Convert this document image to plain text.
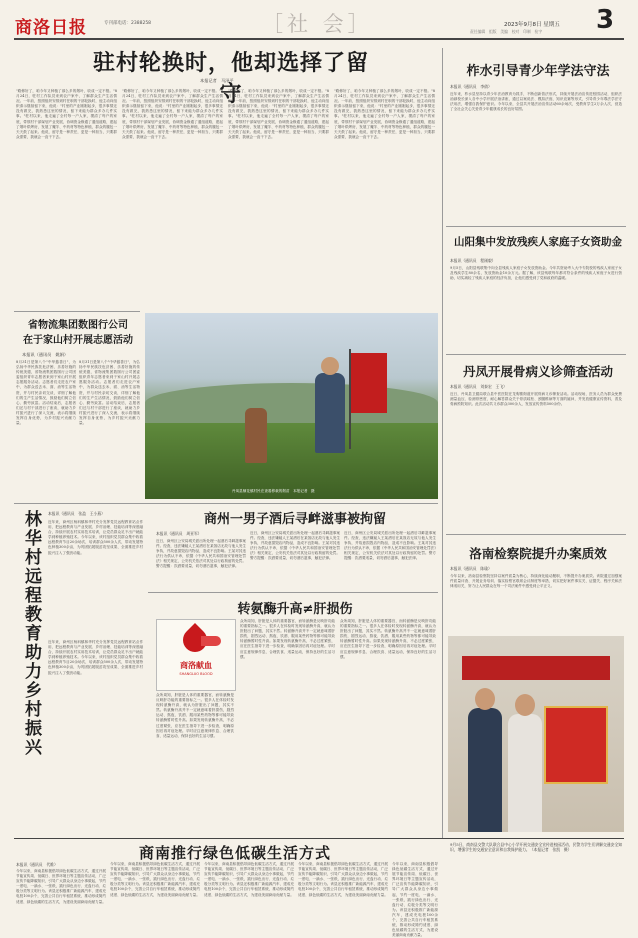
商洛日报	专刊部电话：2388258	［社 会］	2023年9月8日 星期五 3
责任编辑　组版　美编　校对　印制　检字
驻村轮换时，他却选择了留守
本报记者　马泽平
"路修好了，咱今年又种植了那么多的烟叶，收成一定不错。"8月24日，驻村工作队员来到农户家中，了解群众生产生活情况。一年前，按照组织安排到村任职的干部轮换时，他主动向组织请示继续留下来，他说："村里的产业刚刚起步，很多事情还没有做完，我熟悉这里的情况，留下来能为群众多办几件实事。"驻村以来，他走遍了全村每一户人家，摸清了每户的家底，带领村干部谋划产业发展，协调资金修通了通组道路，建起了烟叶烘烤房，发展了魔芋、中药材等特色种植，群众的腰包一天天鼓了起来。他说，留守是一种责任，更是一种担当，只要群众需要，我就会一直干下去。
"路修好了，咱今年又种植了那么多的烟叶，收成一定不错。"8月24日，驻村工作队员来到农户家中，了解群众生产生活情况。一年前，按照组织安排到村任职的干部轮换时，他主动向组织请示继续留下来，他说："村里的产业刚刚起步，很多事情还没有做完，我熟悉这里的情况，留下来能为群众多办几件实事。"驻村以来，他走遍了全村每一户人家，摸清了每户的家底，带领村干部谋划产业发展，协调资金修通了通组道路，建起了烟叶烘烤房，发展了魔芋、中药材等特色种植，群众的腰包一天天鼓了起来。他说，留守是一种责任，更是一种担当，只要群众需要，我就会一直干下去。
"路修好了，咱今年又种植了那么多的烟叶，收成一定不错。"8月24日，驻村工作队员来到农户家中，了解群众生产生活情况。一年前，按照组织安排到村任职的干部轮换时，他主动向组织请示继续留下来，他说："村里的产业刚刚起步，很多事情还没有做完，我熟悉这里的情况，留下来能为群众多办几件实事。"驻村以来，他走遍了全村每一户人家，摸清了每户的家底，带领村干部谋划产业发展，协调资金修通了通组道路，建起了烟叶烘烤房，发展了魔芋、中药材等特色种植，群众的腰包一天天鼓了起来。他说，留守是一种责任，更是一种担当，只要群众需要，我就会一直干下去。
"路修好了，咱今年又种植了那么多的烟叶，收成一定不错。"8月24日，驻村工作队员来到农户家中，了解群众生产生活情况。一年前，按照组织安排到村任职的干部轮换时，他主动向组织请示继续留下来，他说："村里的产业刚刚起步，很多事情还没有做完，我熟悉这里的情况，留下来能为群众多办几件实事。"驻村以来，他走遍了全村每一户人家，摸清了每户的家底，带领村干部谋划产业发展，协调资金修通了通组道路，建起了烟叶烘烤房，发展了魔芋、中药材等特色种植，群众的腰包一天天鼓了起来。他说，留守是一种责任，更是一种担当，只要群众需要，我就会一直干下去。
省物流集团数图行公司
在于家山村开展志愿活动
本报讯（通讯员　姚娟）
8月31日是第八个"中华慈善日"，为弘扬中华民族扶危济困、乐善好施的传统美德，省物流集团数图行公司团委组织青年志愿者来到于家山村开展志愿服务活动。志愿者们走进农户家中，为群众送去米、面、油等生活物资，并与村民亲切交谈，详细了解他们的生产生活情况，鼓励他们树立信心、勤劳致富。活动结束后，志愿者们还与村干部进行了座谈，就助力乡村振兴进行了深入交流，表示将继续发挥自身优势，为乡村振兴贡献力量。
8月31日是第八个"中华慈善日"，为弘扬中华民族扶危济困、乐善好施的传统美德，省物流集团数图行公司团委组织青年志愿者来到于家山村开展志愿服务活动。志愿者们走进农户家中，为群众送去米、面、油等生活物资，并与村民亲切交谈，详细了解他们的生产生活情况，鼓励他们树立信心、勤劳致富。活动结束后，志愿者们还与村干部进行了座谈，就助力乡村振兴进行了深入交流，表示将继续发挥自身优势，为乡村振兴贡献力量。
丹凤县棣花镇村民在查看移栽的烟苗　本报记者　摄
林华村远程教育助力乡村振兴 本报讯（通讯员　张盈　王小燕）
近年来，商州区杨斜镇林华村充分发挥党员远程教育站点作用，把远程教育与产业发展、乡村治理、技能培训等深度融合，持续开展农村实用技术培训，让党员群众足不出户就能学到种植养殖技术。今年以来，该村组织党员群众集中收看远程教育节目20余场次，培训群众500余人次，带动发展特色种植300余亩，为巩固拓展脱贫攻坚成果、全面推进乡村振兴注入了强劲动能。
近年来，商州区杨斜镇林华村充分发挥党员远程教育站点作用，把远程教育与产业发展、乡村治理、技能培训等深度融合，持续开展农村实用技术培训，让党员群众足不出户就能学到种植养殖技术。今年以来，该村组织党员群众集中收看远程教育节目20余场次，培训群众500余人次，带动发展特色种植300余亩，为巩固拓展脱贫攻坚成果、全面推进乡村振兴注入了强劲动能。
商州一男子酒后寻衅滋事被拘留
本报讯（通讯员　周亚军）
近日，商州区公安局城关派出所处理一起酒后寻衅滋事案件。经查，违法嫌疑人王某酒后在某饭店无故与他人发生争执，并故意损毁店内物品，造成不良影响。王某对其违法行为供认不讳，依据《中华人民共和国治安管理处罚法》相关规定，公安机关依法对其处以行政拘留的处罚。警方提醒：饮酒要适量，切勿酒后滋事，触犯法律。
近日，商州区公安局城关派出所处理一起酒后寻衅滋事案件。经查，违法嫌疑人王某酒后在某饭店无故与他人发生争执，并故意损毁店内物品，造成不良影响。王某对其违法行为供认不讳，依据《中华人民共和国治安管理处罚法》相关规定，公安机关依法对其处以行政拘留的处罚。警方提醒：饮酒要适量，切勿酒后滋事，触犯法律。
近日，商州区公安局城关派出所处理一起酒后寻衅滋事案件。经查，违法嫌疑人王某酒后在某饭店无故与他人发生争执，并故意损毁店内物品，造成不良影响。王某对其违法行为供认不讳，依据《中华人民共和国治安管理处罚法》相关规定，公安机关依法对其处以行政拘留的处罚。警方提醒：饮酒要适量，切勿酒后滋事，触犯法律。
转氨酶升高≠肝损伤
商洛献血
SHANGLUO BLOOD
众所周知，肝脏是人体的重要器官，而转氨酶是反映肝功能的重要指标之一。很多人在体检时发现转氨酶升高，就认为肝脏出了问题，其实不然。转氨酶升高并不一定就意味着肝损伤，剧烈运动、熬夜、饮酒、服用某些药物等都可能导致转氨酶暂时性升高。如果发现转氨酶升高，不必过度紧张，应在医生指导下进一步检查，明确原因后再对症处理。平时应注意规律作息、合理饮食、适量运动，保持良好的生活习惯。
众所周知，肝脏是人体的重要器官，而转氨酶是反映肝功能的重要指标之一。很多人在体检时发现转氨酶升高，就认为肝脏出了问题，其实不然。转氨酶升高并不一定就意味着肝损伤，剧烈运动、熬夜、饮酒、服用某些药物等都可能导致转氨酶暂时性升高。如果发现转氨酶升高，不必过度紧张，应在医生指导下进一步检查，明确原因后再对症处理。平时应注意规律作息、合理饮食、适量运动，保持良好的生活习惯。
众所周知，肝脏是人体的重要器官，而转氨酶是反映肝功能的重要指标之一。很多人在体检时发现转氨酶升高，就认为肝脏出了问题，其实不然。转氨酶升高并不一定就意味着肝损伤，剧烈运动、熬夜、饮酒、服用某些药物等都可能导致转氨酶暂时性升高。如果发现转氨酶升高，不必过度紧张，应在医生指导下进一步检查，明确原因后再对症处理。平时应注意规律作息、合理饮食、适量运动，保持良好的生活习惯。
柞水引导青少年学法守法
本报讯（通讯员　李倩）
近年来，柞水县坚持以青少年法治教育为抓手，不断创新普法形式，持续开展法治宣传进校园活动，组织法治副校长深入各中小学开展法治讲座，通过以案说法、模拟法庭、知识竞赛等形式，引导青少年尊法学法守法用法，增强自我保护意识。今年以来，全县共开展法治宣传活动60余场次，受教育学生2万余人次，营造了全社会关心关爱青少年健康成长的良好氛围。
山阳集中发放残疾人家庭子女资助金
本报讯（通讯员　程刚毅）
9月5日，山阳县残联集中向全县残疾人家庭子女发放资助金。今年共资助考入大中专院校的残疾人家庭子女及残疾学生80余名，发放资助金10余万元。据了解，该县残联每年都对符合条件的残疾人家庭子女进行资助，切实减轻了残疾人家庭的经济负担，让他们感受到了党和政府的温暖。
丹凤开展骨病义诊筛查活动
本报讯（通讯员　刘泰宏　王飞）
近日，丹凤县卫健局联合县中医医院在龙驹寨街道开展骨病义诊筛查活动。活动现场，医务人员为群众免费测量血压、检测骨密度，耐心解答群众关于骨质疏松、颈腰椎病等方面的疑问，并发放健康宣传资料，普及骨病预防知识。此次活动共义诊群众300余人，发放宣传资料500余份。
洛南检察院提升办案质效
本报讯（通讯员　陈瑜）
今年以来，洛南县检察院坚持以案件质量为核心，持续深化能动履职，不断提升办案质效。该院通过加强案件质量评查、开展业务培训、落实检察官联席会议制度等举措，切实把好案件事实关、证据关、程序关和法律适用关，努力让人民群众在每一个司法案件中感受到公平正义。
商南推行绿色低碳生活方式
本报讯（通讯员　代维）
今年以来，商南县积极倡导绿色低碳生活方式，通过开展节能宣传周、低碳日、世界环境日等主题宣传活动，广泛宣传节能降碳知识，引导广大群众从身边小事做起，节约一度电、一滴水、一张纸，践行绿色出行、光盘行动、垃圾分类等文明行为。该县还积极推广新能源汽车，建成充电桩100余个，完善公共自行车租赁系统，推动形成简约适度、绿色低碳的生活方式，为建设美丽商南贡献力量。
今年以来，商南县积极倡导绿色低碳生活方式，通过开展节能宣传周、低碳日、世界环境日等主题宣传活动，广泛宣传节能降碳知识，引导广大群众从身边小事做起，节约一度电、一滴水、一张纸，践行绿色出行、光盘行动、垃圾分类等文明行为。该县还积极推广新能源汽车，建成充电桩100余个，完善公共自行车租赁系统，推动形成简约适度、绿色低碳的生活方式，为建设美丽商南贡献力量。
今年以来，商南县积极倡导绿色低碳生活方式，通过开展节能宣传周、低碳日、世界环境日等主题宣传活动，广泛宣传节能降碳知识，引导广大群众从身边小事做起，节约一度电、一滴水、一张纸，践行绿色出行、光盘行动、垃圾分类等文明行为。该县还积极推广新能源汽车，建成充电桩100余个，完善公共自行车租赁系统，推动形成简约适度、绿色低碳的生活方式，为建设美丽商南贡献力量。
今年以来，商南县积极倡导绿色低碳生活方式，通过开展节能宣传周、低碳日、世界环境日等主题宣传活动，广泛宣传节能降碳知识，引导广大群众从身边小事做起，节约一度电、一滴水、一张纸，践行绿色出行、光盘行动、垃圾分类等文明行为。该县还积极推广新能源汽车，建成充电桩100余个，完善公共自行车租赁系统，推动形成简约适度、绿色低碳的生活方式，为建设美丽商南贡献力量。
今年以来，商南县积极倡导绿色低碳生活方式，通过开展节能宣传周、低碳日、世界环境日等主题宣传活动，广泛宣传节能降碳知识，引导广大群众从身边小事做起，节约一度电、一滴水、一张纸，践行绿色出行、光盘行动、垃圾分类等文明行为。该县还积极推广新能源汽车，建成充电桩100余个，完善公共自行车租赁系统，推动形成简约适度、绿色低碳的生活方式，为建设美丽商南贡献力量。
9月5日，商南县交警大队联合县中心小学开展交通安全宣传进校园活动，民警为学生们讲解交通安全知识，增强学生的交通安全意识和自我保护能力。（本报记者　张凯　摄）
